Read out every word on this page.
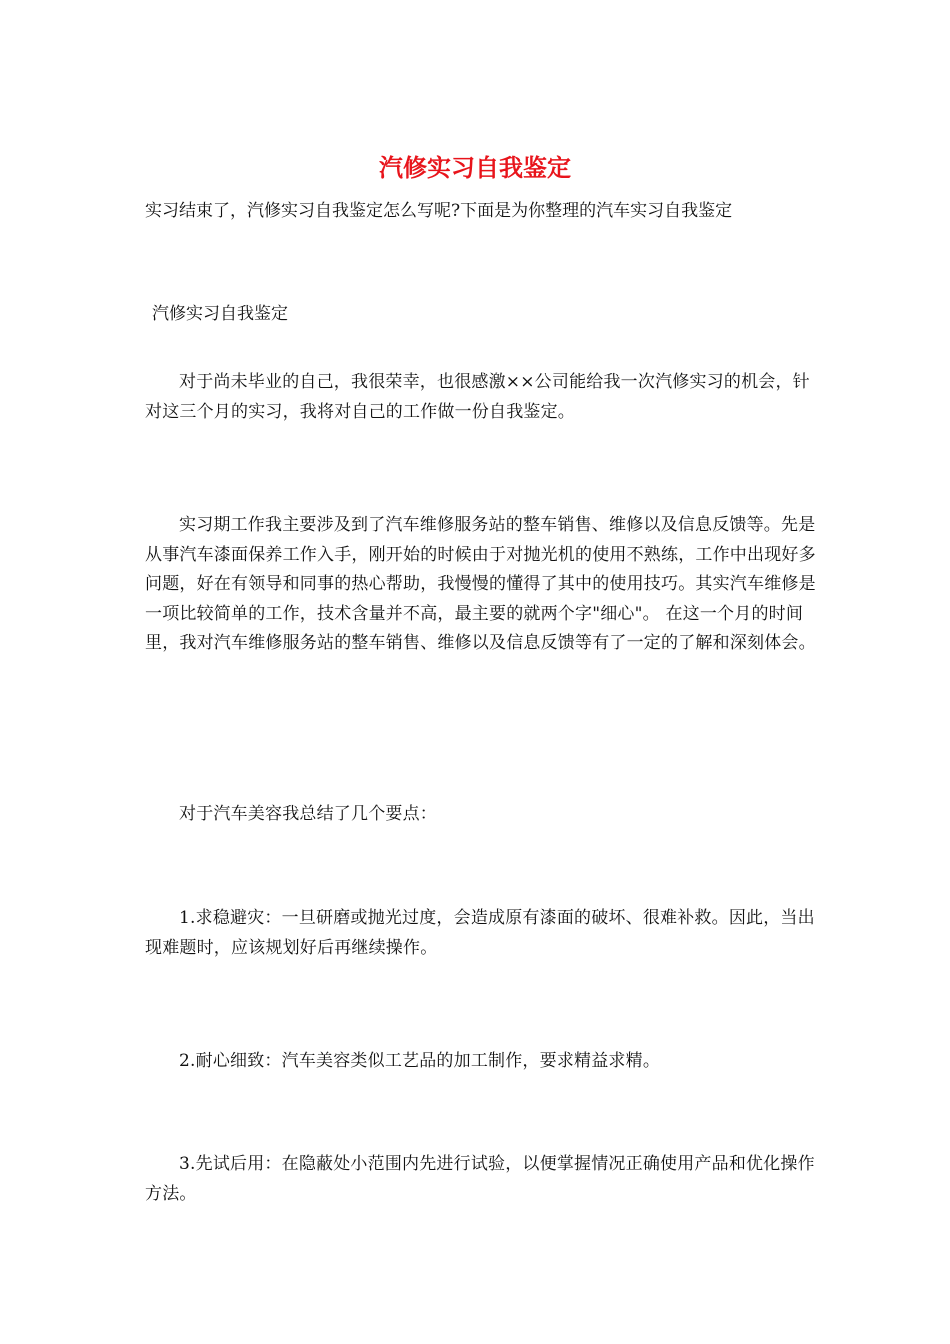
汽修实习自我鉴定

实习结束了，汽修实习自我鉴定怎么写呢?下面是为你整理的汽车实习自我鉴定

汽修实习自我鉴定

对于尚未毕业的自己，我很荣幸，也很感激××公司能给我一次汽修实习的机会，针对这三个月的实习，我将对自己的工作做一份自我鉴定。

实习期工作我主要涉及到了汽车维修服务站的整车销售、维修以及信息反馈等。先是从事汽车漆面保养工作入手，刚开始的时候由于对抛光机的使用不熟练，工作中出现好多问题，好在有领导和同事的热心帮助，我慢慢的懂得了其中的使用技巧。其实汽车维修是一项比较简单的工作，技术含量并不高，最主要的就两个字"细心"。 在这一个月的时间里，我对汽车维修服务站的整车销售、维修以及信息反馈等有了一定的了解和深刻体会。

对于汽车美容我总结了几个要点：

1.求稳避灾：一旦研磨或抛光过度，会造成原有漆面的破坏、很难补救。因此，当出现难题时，应该规划好后再继续操作。

2.耐心细致：汽车美容类似工艺品的加工制作，要求精益求精。

3.先试后用：在隐蔽处小范围内先进行试验，以便掌握情况正确使用产品和优化操作方法。
